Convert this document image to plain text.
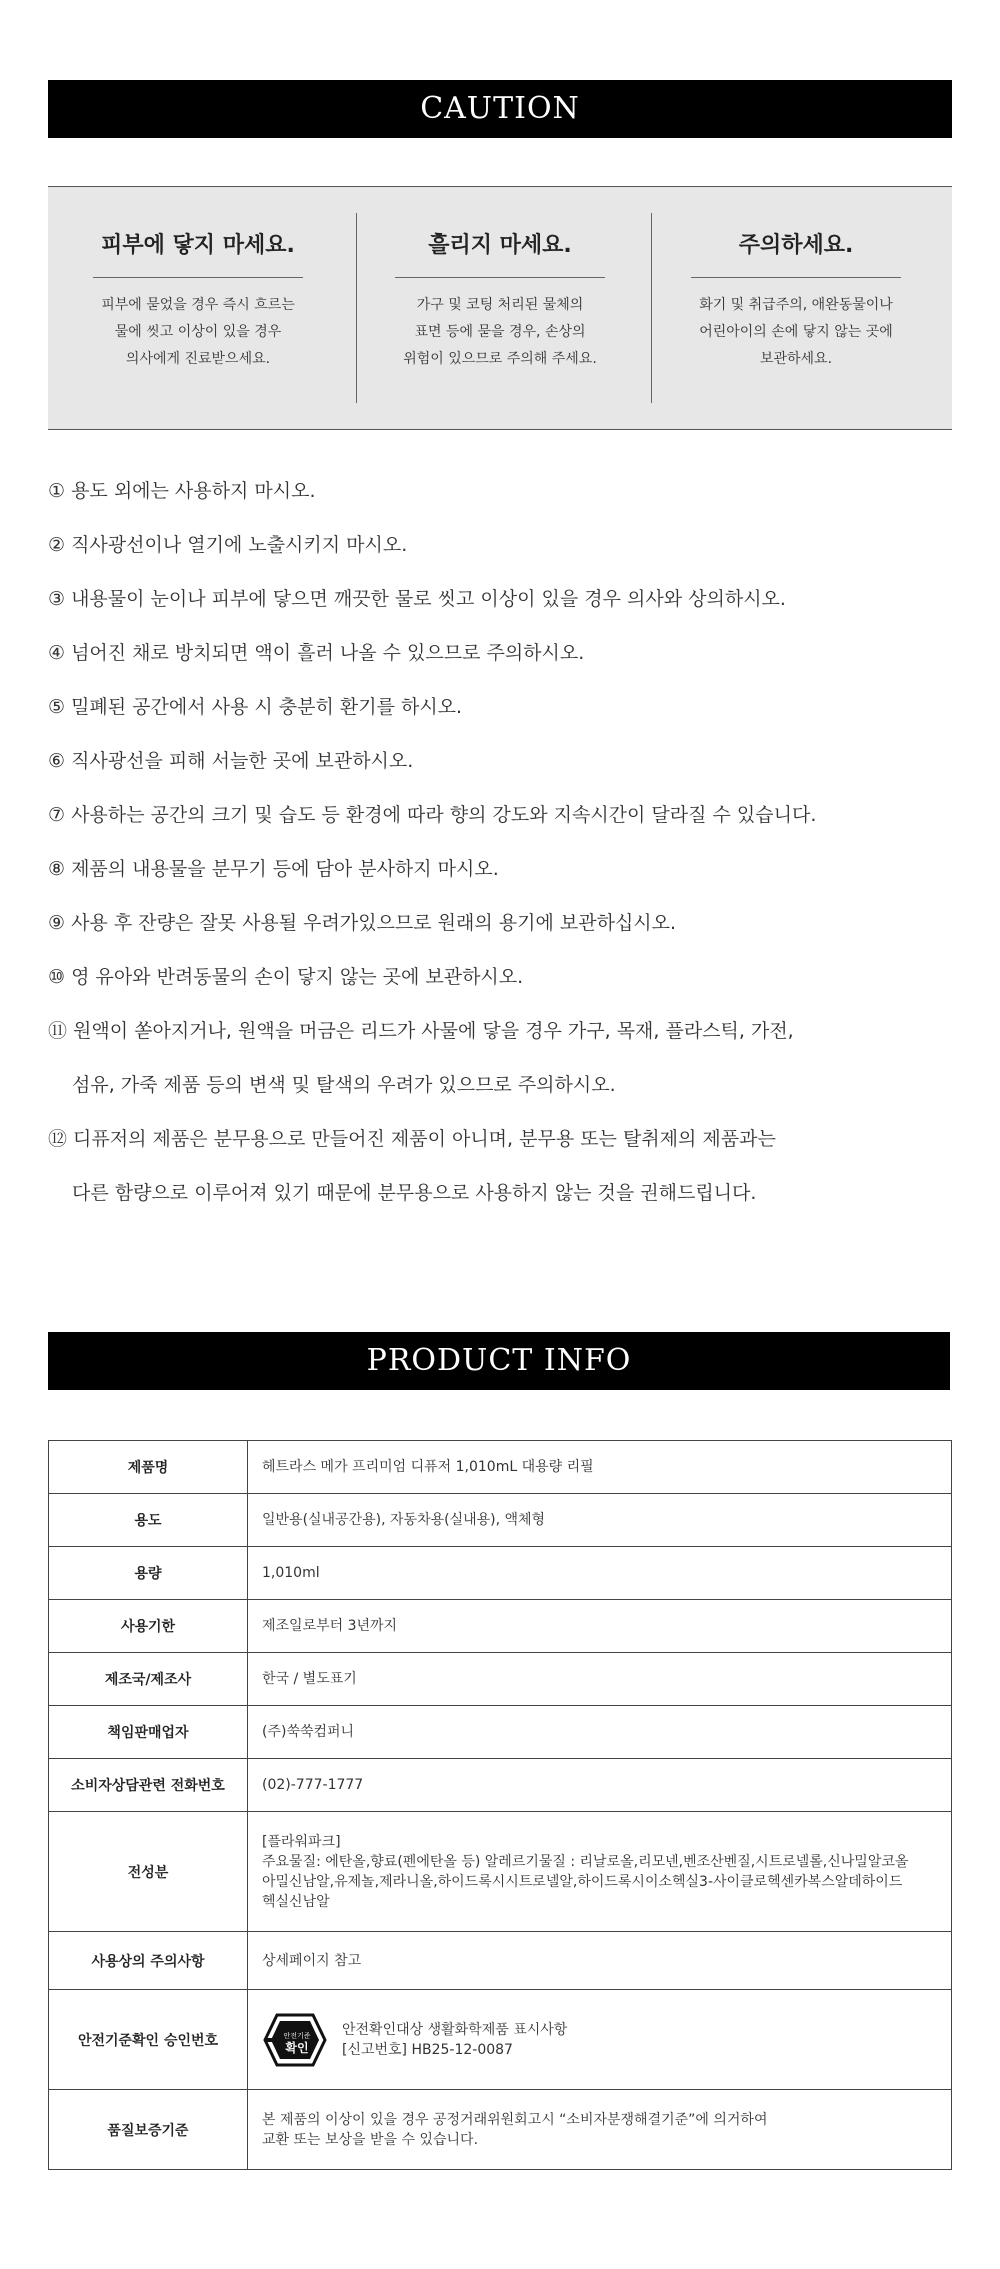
CAUTION
피부에 닿지 마세요.
피부에 묻었을 경우 즉시 흐르는
물에 씻고 이상이 있을 경우
의사에게 진료받으세요.
흘리지 마세요.
가구 및 코팅 처리된 물체의
표면 등에 묻을 경우, 손상의
위험이 있으므로 주의해 주세요.
주의하세요.
화기 및 취급주의, 애완동물이나
어린아이의 손에 닿지 않는 곳에
보관하세요.
① 용도 외에는 사용하지 마시오.
② 직사광선이나 열기에 노출시키지 마시오.
③ 내용물이 눈이나 피부에 닿으면 깨끗한 물로 씻고 이상이 있을 경우 의사와 상의하시오.
④ 넘어진 채로 방치되면 액이 흘러 나올 수 있으므로 주의하시오.
⑤ 밀폐된 공간에서 사용 시 충분히 환기를 하시오.
⑥ 직사광선을 피해 서늘한 곳에 보관하시오.
⑦ 사용하는 공간의 크기 및 습도 등 환경에 따라 향의 강도와 지속시간이 달라질 수 있습니다.
⑧ 제품의 내용물을 분무기 등에 담아 분사하지 마시오.
⑨ 사용 후 잔량은 잘못 사용될 우려가있으므로 원래의 용기에 보관하십시오.
⑩ 영 유아와 반려동물의 손이 닿지 않는 곳에 보관하시오.
⑪ 원액이 쏟아지거나, 원액을 머금은 리드가 사물에 닿을 경우 가구, 목재, 플라스틱, 가전,
섬유, 가죽 제품 등의 변색 및 탈색의 우려가 있으므로 주의하시오.
⑫ 디퓨저의 제품은 분무용으로 만들어진 제품이 아니며, 분무용 또는 탈취제의 제품과는
다른 함량으로 이루어져 있기 때문에 분무용으로 사용하지 않는 것을 권해드립니다.
PRODUCT INFO
제품명	헤트라스 메가 프리미엄 디퓨저 1,010mL 대용량 리필
용도	일반용(실내공간용), 자동차용(실내용), 액체형
용량	1,010ml
사용기한	제조일로부터 3년까지
제조국/제조사	한국 / 별도표기
책임판매업자	(주)쑥쑥컴퍼니
소비자상담관련 전화번호	(02)-777-1777
전성분	[플라워파크]
주요물질: 에탄올,향료(펜에탄올 등) 알레르기물질 : 리날로올,리모넨,벤조산벤질,시트로넬롤,신나밀알코올
아밀신남알,유제놀,제라니올,하이드록시시트로넬알,하이드록시이소헥실3-사이클로헥센카복스알데하이드
헥실신남알

사용상의 주의사항	상세페이지 참고
안전기준확인 승인번호	안전기준
확인
안전확인대상 생활화학제품 표시사항
[신고번호] HB25-12-0087

품질보증기준	본 제품의 이상이 있을 경우 공정거래위원회고시 “소비자분쟁해결기준”에 의거하여
교환 또는 보상을 받을 수 있습니다.
